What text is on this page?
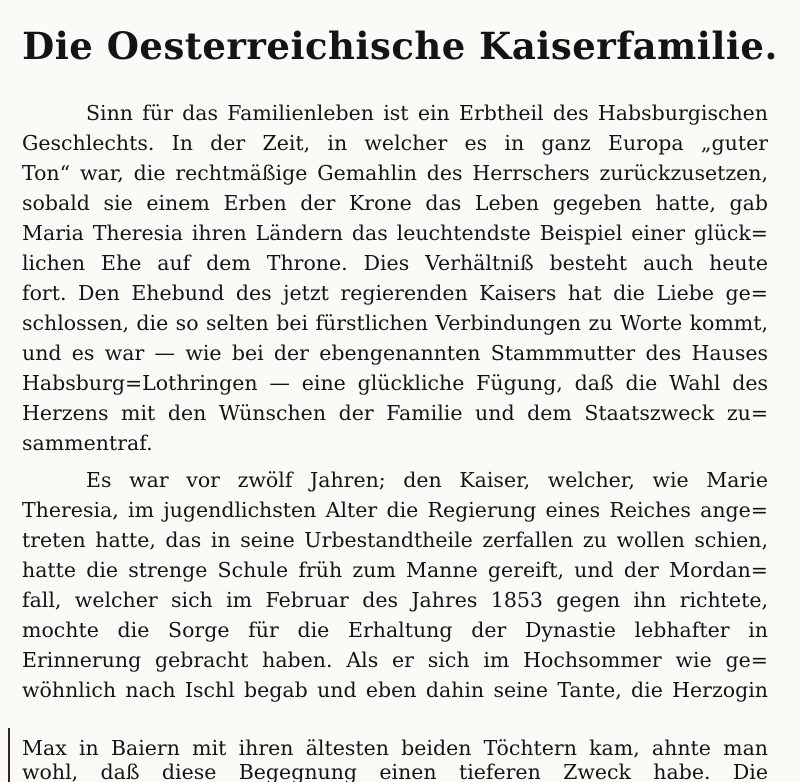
Die Oesterreichische Kaiserfamilie.
Sinn für das Familienleben ist ein Erbtheil des Habsburgischen
Geschlechts. In der Zeit, in welcher es in ganz Europa „guter
Ton“ war, die rechtmäßige Gemahlin des Herrschers zurückzusetzen,
sobald sie einem Erben der Krone das Leben gegeben hatte, gab
Maria Theresia ihren Ländern das leuchtendste Beispiel einer glück=
lichen Ehe auf dem Throne. Dies Verhältniß besteht auch heute
fort. Den Ehebund des jetzt regierenden Kaisers hat die Liebe ge=
schlossen, die so selten bei fürstlichen Verbindungen zu Worte kommt,
und es war — wie bei der ebengenannten Stammmutter des Hauses
Habsburg=Lothringen — eine glückliche Fügung, daß die Wahl des
Herzens mit den Wünschen der Familie und dem Staatszweck zu=
sammentraf.
Es war vor zwölf Jahren; den Kaiser, welcher, wie Marie
Theresia, im jugendlichsten Alter die Regierung eines Reiches ange=
treten hatte, das in seine Urbestandtheile zerfallen zu wollen schien,
hatte die strenge Schule früh zum Manne gereift, und der Mordan=
fall, welcher sich im Februar des Jahres 1853 gegen ihn richtete,
mochte die Sorge für die Erhaltung der Dynastie lebhafter in
Erinnerung gebracht haben. Als er sich im Hochsommer wie ge=
wöhnlich nach Ischl begab und eben dahin seine Tante, die Herzogin
Max in Baiern mit ihren ältesten beiden Töchtern kam, ahnte man
wohl, daß diese Begegnung einen tieferen Zweck habe. Die
